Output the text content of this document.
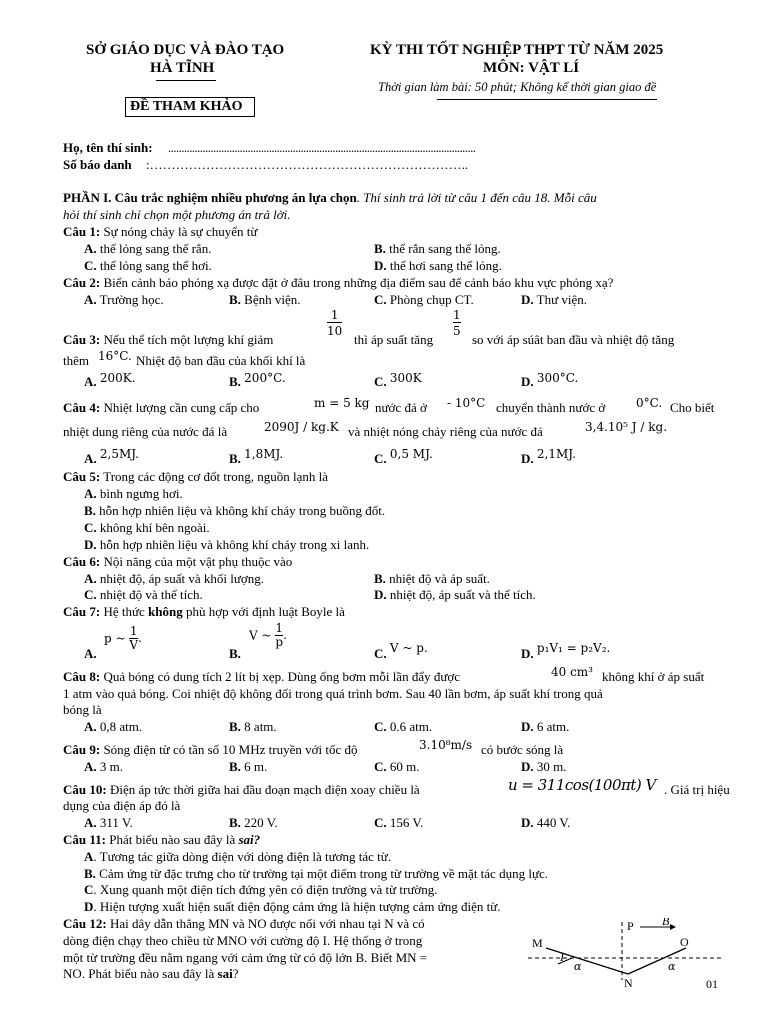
SỞ GIÁO DỤC VÀ ĐÀO TẠO
HÀ TĨNH
KỲ THI TỐT NGHIỆP THPT TỪ NĂM 2025
MÔN: VẬT LÍ
Thời gian làm bài: 50 phút; Không kể thời gian giao đề
ĐỀ THAM KHẢO
Họ, tên thí sinh: ....................................................................................................................
Số báo danh :………………………………………………………………..
PHẦN I. Câu trắc nghiệm nhiều phương án lựa chọn. Thí sinh trả lời từ câu 1 đến câu 18. Mỗi câu
hỏi thí sinh chỉ chọn một phương án trả lời.
Câu 1: Sự nóng chảy là sự chuyển từ
A. thể lỏng sang thể rắn.	B. thể rắn sang thể lỏng.
C. thể lỏng sang thể hơi.	D. thể hơi sang thể lỏng.
Câu 2: Biển cảnh báo phóng xạ được đặt ở đâu trong những địa điểm sau để cảnh báo khu vực phóng xạ?
A. Trường học.	B. Bệnh viện.	C. Phòng chụp CT.	D. Thư viện.
Câu 3: Nếu thể tích một lượng khí giảm
$\frac{1}{10}$
thì áp suất tăng
$\frac{1}{5}$
so với áp súât ban đầu và nhiệt độ tăng
thêm 16°C. Nhiệt độ ban đầu của khối khí là
A. 200K.	B. 200°C.	C. 300K	D. 300°C.
Câu 4: Nhiệt lượng cần cung cấp cho	m = 5 kg nước đá ở - 10°C chuyển thành nước ở	0°C. Cho biết
nhiệt dung riêng của nước đá là	2090J / kg.K và nhiệt nóng chảy riêng của nước đá	3,4.10⁵ J / kg.
A. 2,5MJ.	B. 1,8MJ.	C. 0,5 MJ.	D. 2,1MJ.
Câu 5: Trong các động cơ đốt trong, nguồn lạnh là
A. bình ngưng hơi.
B. hỗn hợp nhiên liệu và không khí cháy trong buồng đốt.
C. không khí bên ngoài.
D. hỗn hợp nhiên liệu và không khí cháy trong xi lanh.
Câu 6: Nội năng của một vật phụ thuộc vào
A. nhiệt độ, áp suất và khối lượng.	B. nhiệt độ và áp suất.
C. nhiệt độ và thể tích.	D. nhiệt độ, áp suất và thể tích.
Câu 7: Hệ thức không phù hợp với định luật Boyle là
A.
p ~ $\frac{1}{V}$ .
B.
V ~ $\frac{1}{p}$ .
C. V ~ p.	D. p₁V₁ = p₂V₂.
Câu 8: Quả bóng có dung tích 2 lít bị xẹp. Dùng ống bơm mỗi lần đẩy được	40 cm³ không khí ở áp suất
1 atm vào quả bóng. Coi nhiệt độ không đổi trong quá trình bơm. Sau 40 lần bơm, áp suất khí trong quả
bóng là
A. 0,8 atm.	B. 8 atm.	C. 0.6 atm.	D. 6 atm.
Câu 9: Sóng điện từ có tần số 10 MHz truyền với tốc độ	3.10⁸m/s có bước sóng là
A. 3 m.	B. 6 m.	C. 60 m.	D. 30 m.
Câu 10: Điện áp tức thời giữa hai đầu đoạn mạch điện xoay chiều là	u = 311cos(100πt) V . Giá trị hiệu
dụng của điện áp đó là
A. 311 V.	B. 220 V.	C. 156 V.	D. 440 V.
Câu 11: Phát biểu nào sau đây là sai?
A. Tương tác giữa dòng điện với dòng điện là tương tác từ.
B. Cảm ứng từ đặc trưng cho từ trường tại một điểm trong từ trường về mặt tác dụng lực.
C. Xung quanh một điện tích đứng yên có điện trường và từ trường.
D. Hiện tượng xuất hiện suất điện động cảm ứng là hiện tượng cảm ứng điện từ.
Câu 12: Hai dây dẫn thẳng MN và NO được nối với nhau tại N và có
dòng điện chạy theo chiều từ MNO với cường độ I. Hệ thống ở trong
một từ trường đều nằm ngang với cảm ứng từ có độ lớn B. Biết MN =
NO. Phát biểu nào sau đây là sai?
P B
M	O
N
I
α	α
01
